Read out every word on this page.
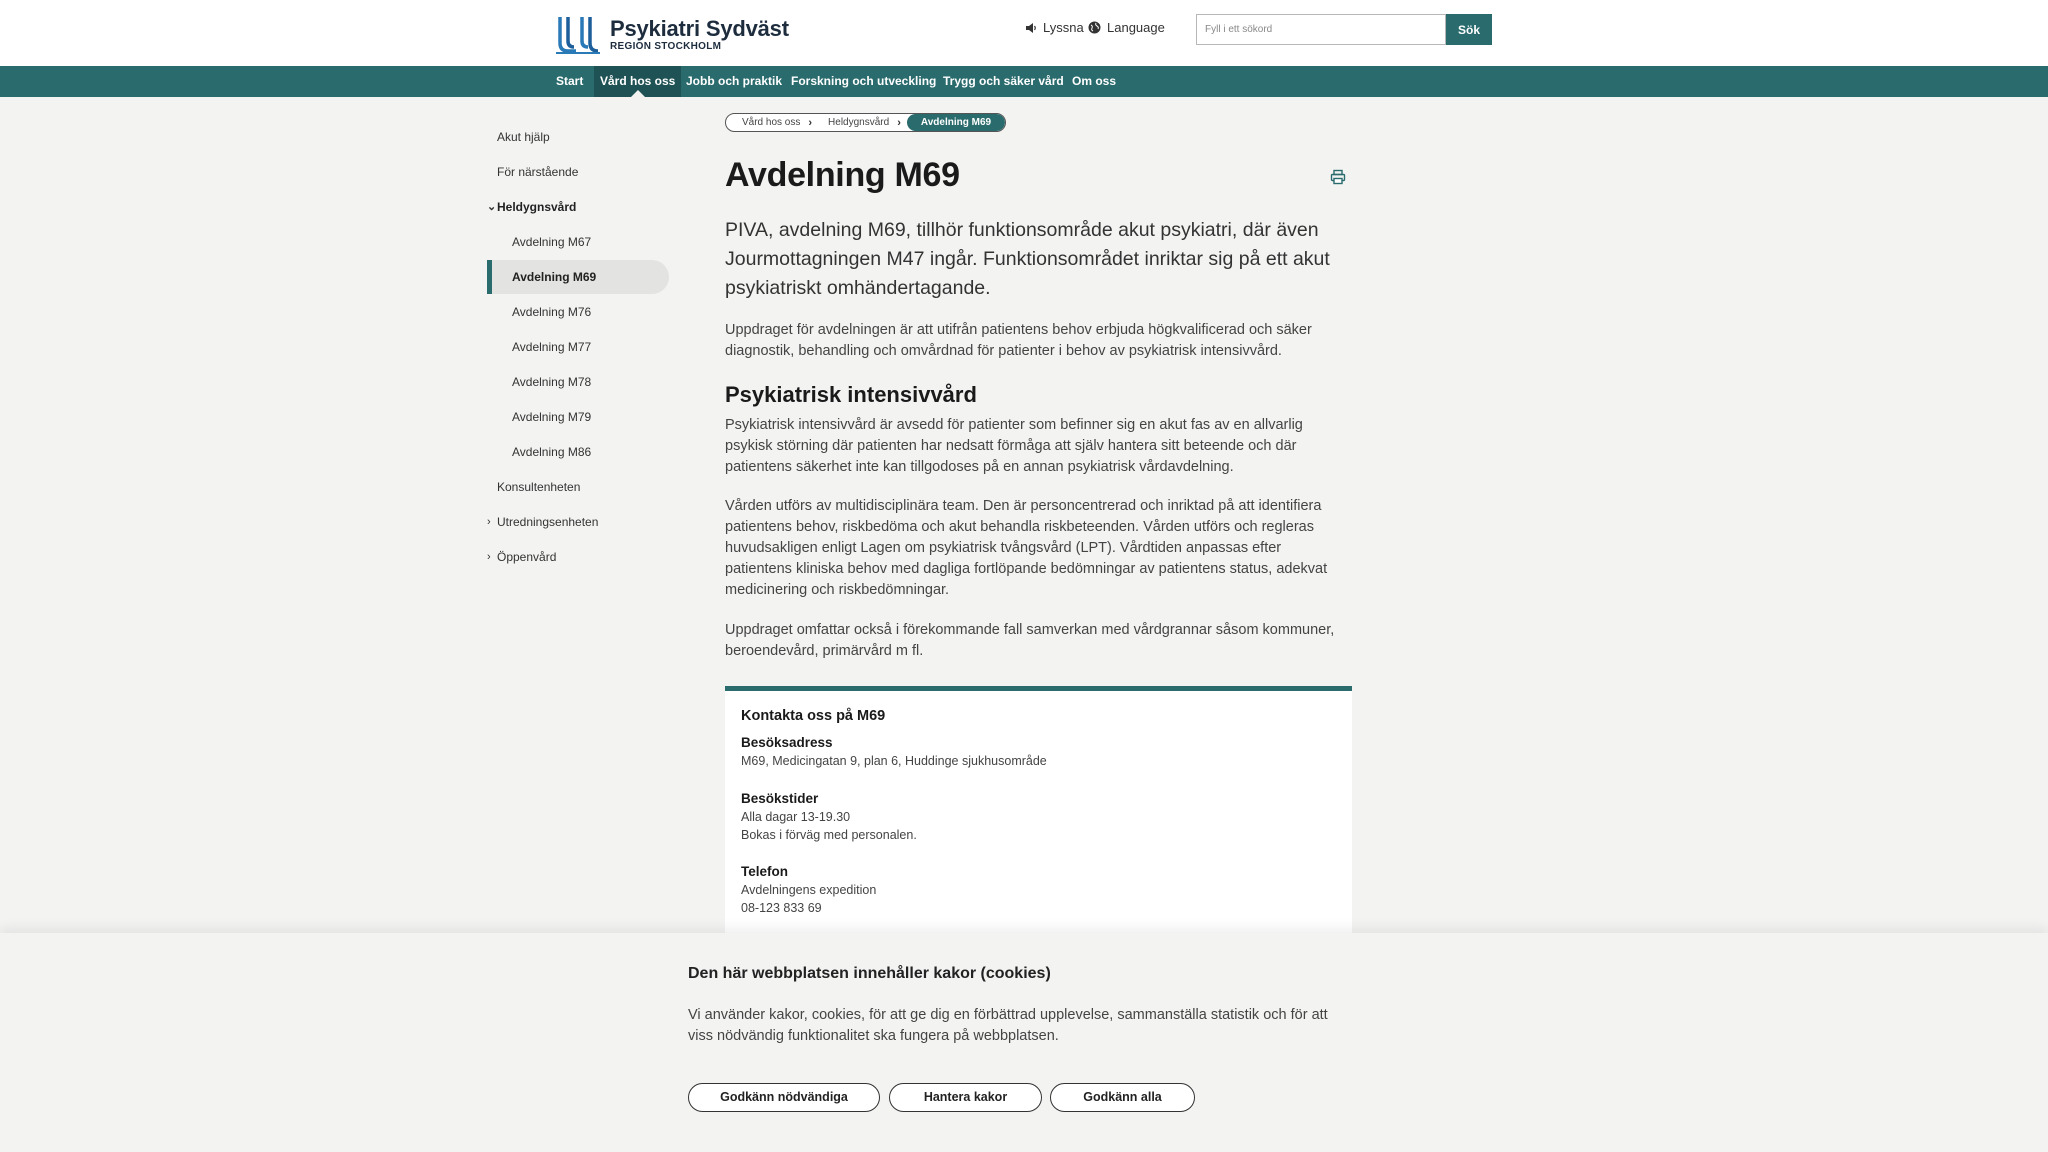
Psykiatri Sydväst
REGION STOCKHOLM
Lyssna Language
Fyll i ett sökord	Sök
Start	Vård hos oss Jobb och praktik Forskning och utveckling Trygg och säker vård Om oss
Akut hjälp
För närstående
⌄ Heldygnsvård
Avdelning M67
Avdelning M69
Avdelning M76
Avdelning M77
Avdelning M78
Avdelning M79
Avdelning M86
Konsultenheten
› Utredningsenheten
› Öppenvård
Vård hos oss › Heldygnsvård ›	Avdelning M69
Avdelning M69

PIVA, avdelning M69, tillhör funktionsområde akut psykiatri, där även Jourmottagningen M47 ingår. Funktionsområdet inriktar sig på ett akut psykiatriskt omhändertagande.

Uppdraget för avdelningen är att utifrån patientens behov erbjuda högkvalificerad och säker diagnostik, behandling och omvårdnad för patienter i behov av psykiatrisk intensivvård.

Psykiatrisk intensivvård

Psykiatrisk intensivvård är avsedd för patienter som befinner sig en akut fas av en allvarlig psykisk störning där patienten har nedsatt förmåga att själv hantera sitt beteende och där patientens säkerhet inte kan tillgodoses på en annan psykiatrisk vårdavdelning.

Vården utförs av multidisciplinära team. Den är personcentrerad och inriktad på att identifiera patientens behov, riskbedöma och akut behandla riskbeteenden. Vården utförs och regleras huvudsakligen enligt Lagen om psykiatrisk tvångsvård (LPT). Vårdtiden anpassas efter patientens kliniska behov med dagliga fortlöpande bedömningar av patientens status, adekvat medicinering och riskbedömningar.

Uppdraget omfattar också i förekommande fall samverkan med vårdgrannar såsom kommuner, beroendevård, primärvård m fl.

Kontakta oss på M69
Besöksadress
M69, Medicingatan 9, plan 6, Huddinge sjukhusområde
Besökstider
Alla dagar 13-19.30
Bokas i förväg med personalen.
Telefon
Avdelningens expedition
08-123 833 69
Den här webbplatsen innehåller kakor (cookies)

Vi använder kakor, cookies, för att ge dig en förbättrad upplevelse, sammanställa statistik och för att viss nödvändig funktionalitet ska fungera på webbplatsen.

Godkänn nödvändiga	Hantera kakor	Godkänn alla
